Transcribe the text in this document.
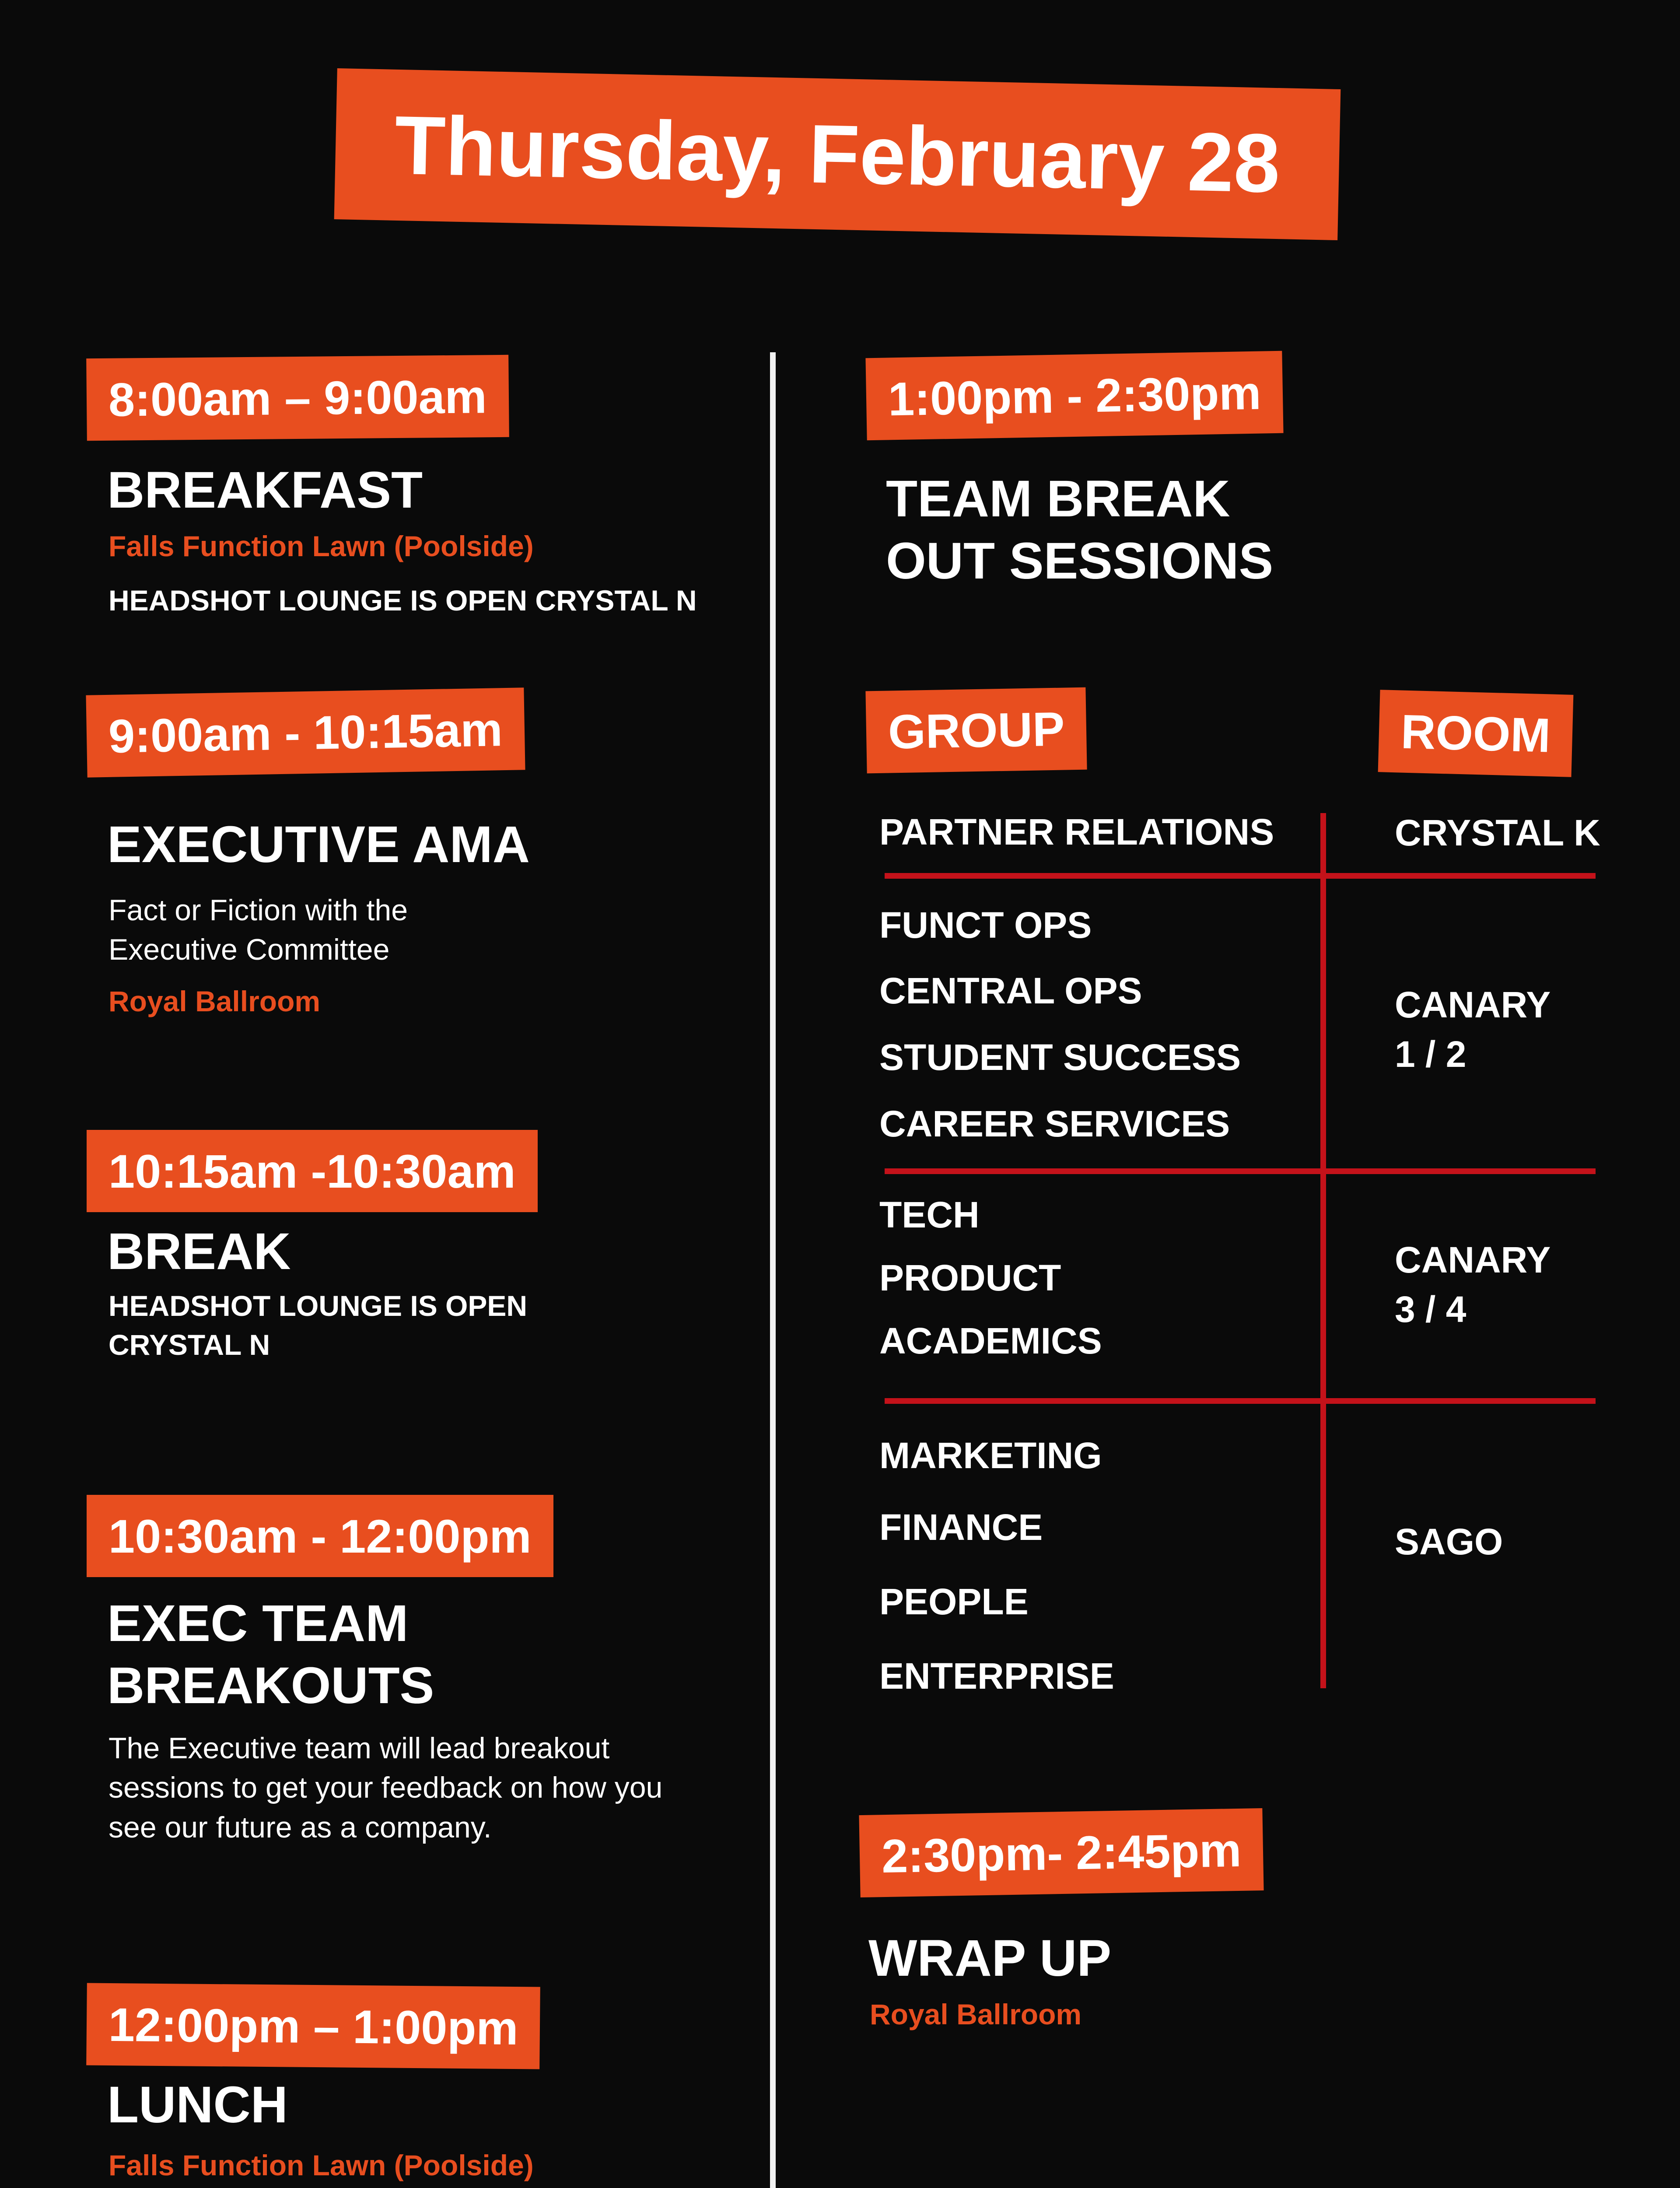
Thursday, February 28
8:00am – 9:00am
BREAKFAST
Falls Function Lawn (Poolside)
HEADSHOT LOUNGE IS OPEN CRYSTAL N
9:00am - 10:15am
EXECUTIVE AMA
Fact or Fiction with the
Executive Committee
Royal Ballroom
10:15am -10:30am
BREAK
HEADSHOT LOUNGE IS OPEN
CRYSTAL N
10:30am - 12:00pm
EXEC TEAM
BREAKOUTS
The Executive team will lead breakout
sessions to get your feedback on how you
see our future as a company.
12:00pm – 1:00pm
LUNCH
Falls Function Lawn (Poolside)
1:00pm - 2:30pm
TEAM BREAK
OUT SESSIONS
GROUP	ROOM
PARTNER RELATIONS	CRYSTAL K
FUNCT OPS
CENTRAL OPS
STUDENT SUCCESS
CAREER SERVICES
CANARY
1 / 2
TECH
PRODUCT
ACADEMICS
CANARY
3 / 4
MARKETING
FINANCE
PEOPLE
ENTERPRISE
SAGO
2:30pm- 2:45pm
WRAP UP
Royal Ballroom
